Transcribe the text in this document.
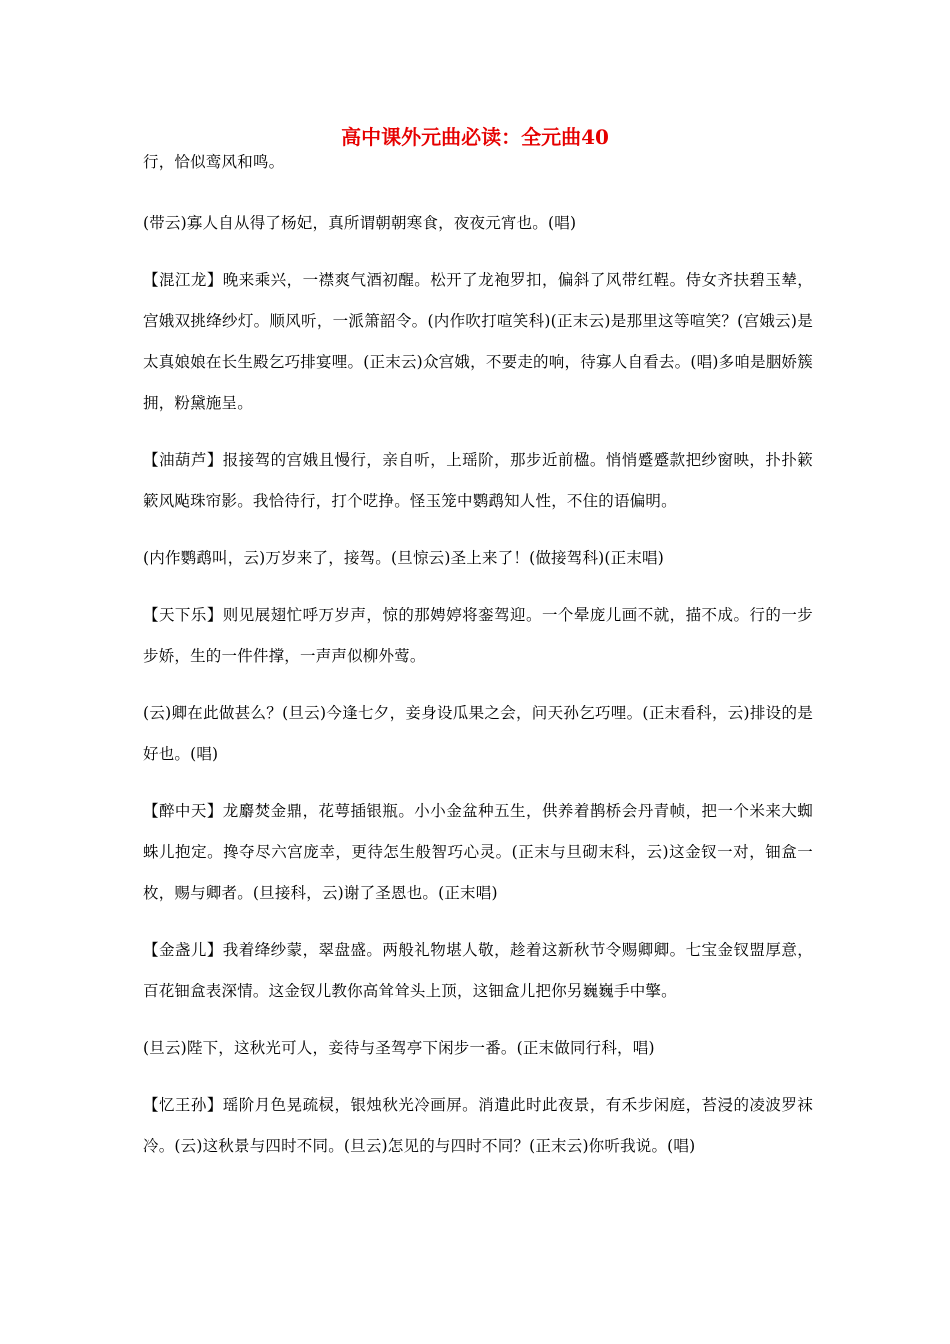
高中课外元曲必读：全元曲40

行，恰似鸾风和鸣。

(带云)寡人自从得了杨妃，真所谓朝朝寒食，夜夜元宵也。(唱)

【混江龙】晚来乘兴，一襟爽气酒初醒。松开了龙袍罗扣，偏斜了风带红鞓。侍女齐扶碧玉辇，宫娥双挑绛纱灯。顺风听，一派箫韶令。(内作吹打喧笑科)(正末云)是那里这等喧笑？(宫娥云)是太真娘娘在长生殿乞巧排宴哩。(正末云)众宫娥，不要走的响，待寡人自看去。(唱)多咱是胭娇簇拥，粉黛施呈。

【油葫芦】报接驾的宫娥且慢行，亲自听，上瑶阶，那步近前楹。悄悄蹙蹙款把纱窗映，扑扑簌簌风飐珠帘影。我恰待行，打个呓挣。怪玉笼中鹦鹉知人性，不住的语偏明。

(内作鹦鹉叫，云)万岁来了，接驾。(旦惊云)圣上来了！(做接驾科)(正末唱)

【天下乐】则见展翅忙呼万岁声，惊的那娉婷将銮驾迎。一个晕庞儿画不就，描不成。行的一步步娇，生的一件件撑，一声声似柳外莺。

(云)卿在此做甚么？(旦云)今逢七夕，妾身设瓜果之会，问天孙乞巧哩。(正末看科，云)排设的是好也。(唱)

【醉中天】龙麝焚金鼎，花萼插银瓶。小小金盆种五生，供养着鹊桥会丹青帧，把一个米来大蜘蛛儿抱定。搀夺尽六宫庞幸，更待怎生般智巧心灵。(正末与旦砌末科，云)这金钗一对，钿盒一枚，赐与卿者。(旦接科，云)谢了圣恩也。(正末唱)

【金盏儿】我着绛纱蒙，翠盘盛。两般礼物堪人敬，趁着这新秋节令赐卿卿。七宝金钗盟厚意，百花钿盒表深情。这金钗儿教你高耸耸头上顶，这钿盒儿把你另巍巍手中擎。

(旦云)陛下，这秋光可人，妾待与圣驾亭下闲步一番。(正末做同行科，唱)

【忆王孙】瑶阶月色晃疏棂，银烛秋光冷画屏。消遣此时此夜景，有禾步闲庭，苔浸的凌波罗袜冷。(云)这秋景与四时不同。(旦云)怎见的与四时不同？(正末云)你听我说。(唱)
